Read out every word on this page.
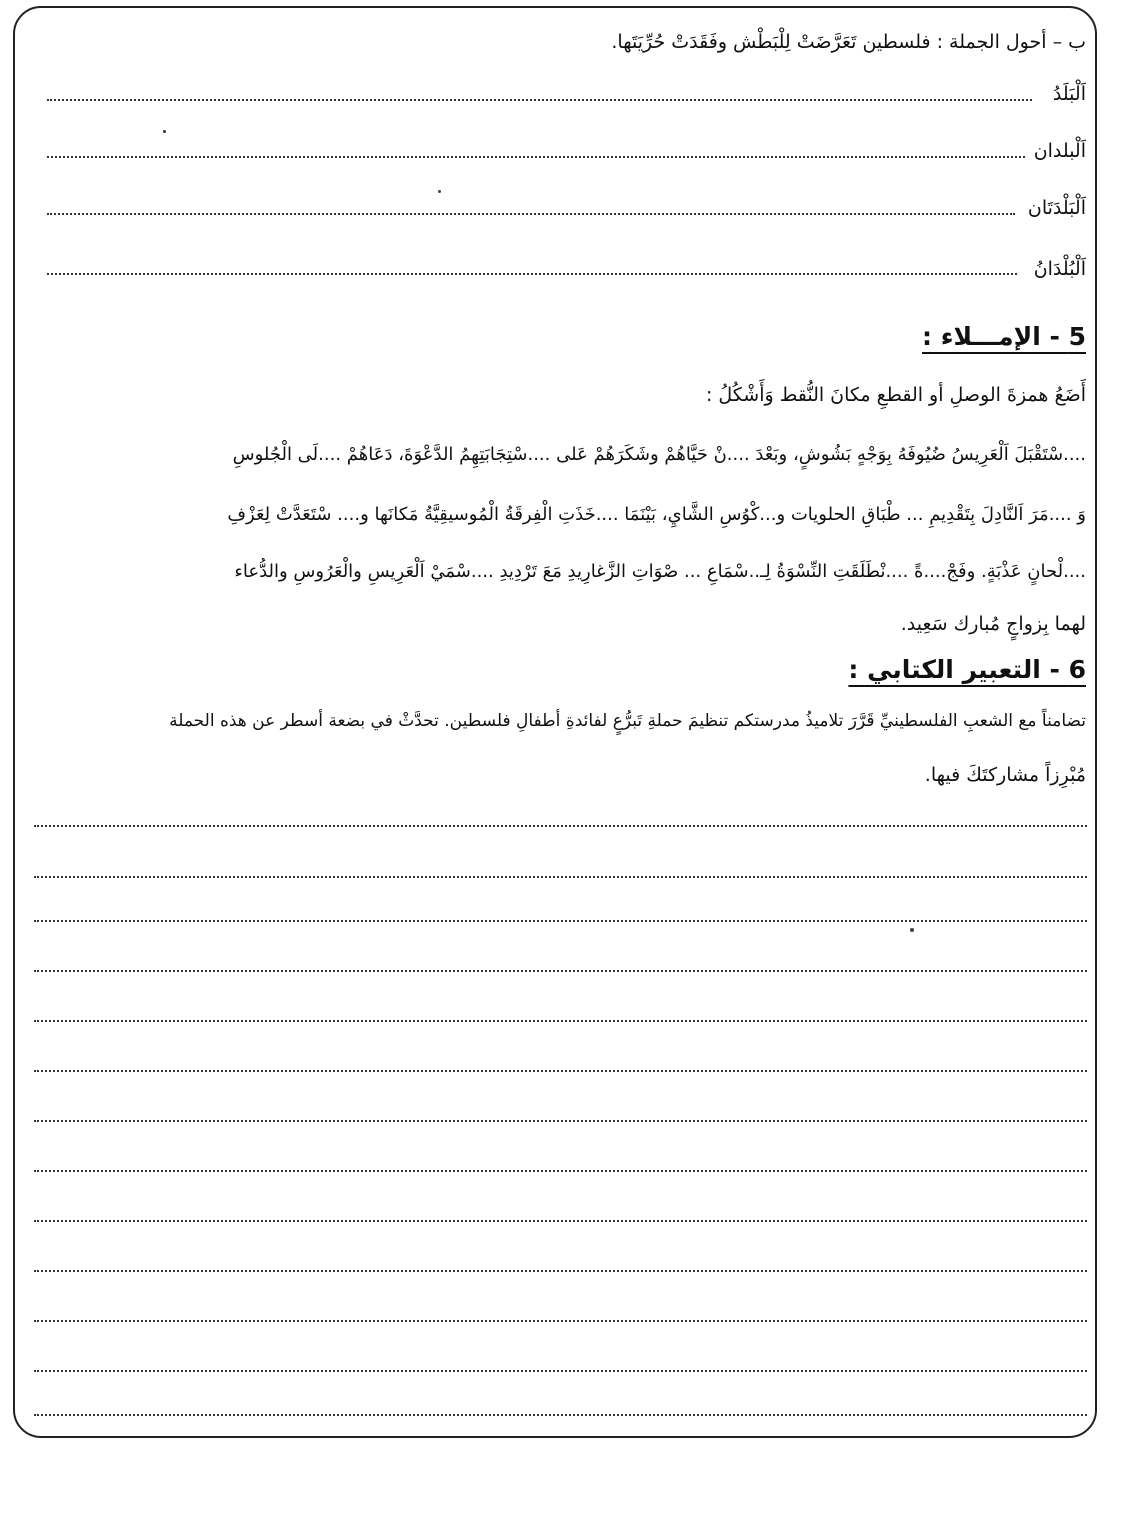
ب – أحول الجملة : فلسطين تَعَرَّضَتْ لِلْبَطْش وفَقَدَتْ حُرِّيَتَها.
اَلْبَلَدُ
اَلْبلدان
اَلْبَلْدَتَان
اَلْبُلْدَانُ
5 - الإمـــلاء :
أَضَعُ همزةَ الوصلِ أو القطعِ مكانَ النُّقط وَأَشْكُلُ :
....سْتَقْبَلَ اَلْعَرِيسُ ضُيُوفَهُ بِوَجْهٍ بَشُوشٍ، وبَعْدَ ....نْ حَيَّاهُمْ وشَكَرَهُمْ عَلى ....سْتِجَابَتِهِمُ الدَّعْوَةَ، دَعَاهُمْ ....لَى الْجُلوسِ
وَ ....مَرَ اَلنَّادِلَ بِتَقْدِيمِ ... طْبَاقِ الحلويات و...كْوُسِ الشَّايِ، بَيْنَمَا ....خَذَتِ الْفِرقَةُ الْمُوسيقِيَّةُ مَكانَها و.... سْتَعَدَّتْ لِعَزْفِ
....لْحانٍ عَذْبَةٍ. وفَجْ....ةً ....نْطَلَقَتِ النِّسْوَةُ لِـ..سْمَاعِ ... صْوَاتِ الزَّغارِيدِ مَعَ تَرْدِيدِ ....سْمَيْ اَلْعَرِيسِ والْعَرُوسِ والدُّعاء
لهما بِزواجٍ مُبارك سَعِيد.
6 - التعبير الكتابي :
تضامناً مع الشعبِ الفلسطينيِّ قَرَّرَ تلاميذُ مدرستكم تنظيمَ حملةِ تَبرُّعٍ لفائدةِ أطفالِ فلسطين. تحدَّثْ في بضعة أسطر عن هذه الحملة
مُبْرِزاً مشاركتَكَ فيها.
